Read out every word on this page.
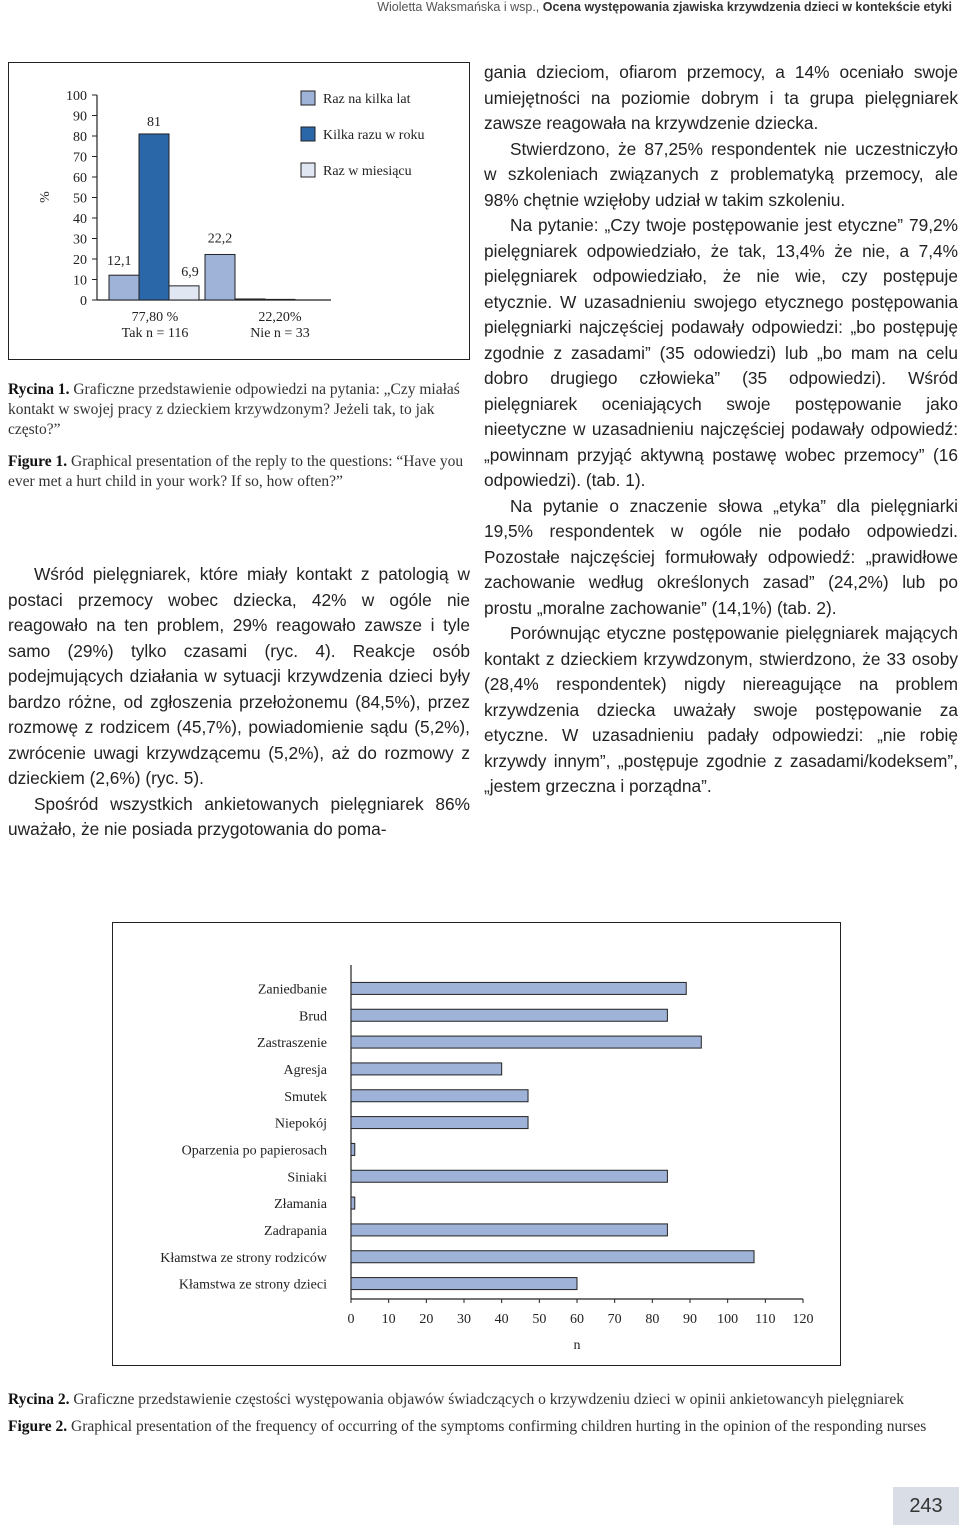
Wioletta Waksmańska i wsp., Ocena występowania zjawiska krzywdzenia dzieci w kontekście etyki
0
10
20
30
40
50
60
70
80
90
100
%
12,1
22,2
81
6,9
77,80 %
Tak n = 116
22,20%
Nie n = 33
Raz na kilka lat
Kilka razu w roku
Raz w miesiącu
Rycina 1. Graficzne przedstawienie odpowiedzi na pytania: „Czy miałaś kontakt w swojej pracy z dzieckiem krzywdzonym? Jeżeli tak, to jak często?”
Figure 1. Graphical presentation of the reply to the questions: “Have you ever met a hurt child in your work? If so, how often?”

Wśród pielęgniarek, które miały kontakt z patologią w postaci przemocy wobec dziecka, 42% w ogóle nie reagowało na ten problem, 29% reagowało zawsze i tyle samo (29%) tylko czasami (ryc. 4). Reakcje osób podejmujących działania w sytuacji krzywdzenia dzieci były bardzo różne, od zgłoszenia przełożonemu (84,5%), przez rozmowę z rodzicem (45,7%), powiadomienie sądu (5,2%), zwrócenie uwagi krzywdzącemu (5,2%), aż do rozmowy z dzieckiem (2,6%) (ryc. 5).

Spośród wszystkich ankietowanych pielęgniarek 86% uważało, że nie posiada przygotowania do poma-

gania dzieciom, ofiarom przemocy, a 14% oceniało swoje umiejętności na poziomie dobrym i ta grupa pielęgniarek zawsze reagowała na krzywdzenie dziecka.

Stwierdzono, że 87,25% respondentek nie uczestniczyło w szkoleniach związanych z problematyką przemocy, ale 98% chętnie wzięłoby udział w takim szkoleniu.

Na pytanie: „Czy twoje postępowanie jest etyczne” 79,2% pielęgniarek odpowiedziało, że tak, 13,4% że nie, a 7,4% pielęgniarek odpowiedziało, że nie wie, czy postępuje etycznie. W uzasadnieniu swojego etycznego postępowania pielęgniarki najczęściej podawały odpowiedzi: „bo postępuję zgodnie z zasadami” (35 odowiedzi) lub „bo mam na celu dobro drugiego człowieka” (35 odpowiedzi). Wśród pielęgniarek oceniających swoje postępowanie jako nieetyczne w uzasadnieniu najczęściej podawały odpowiedź: „powinnam przyjąć aktywną postawę wobec przemocy” (16 odpowiedzi). (tab. 1).

Na pytanie o znaczenie słowa „etyka” dla pielęgniarki 19,5% respondentek w ogóle nie podało odpowiedzi. Pozostałe najczęściej formułowały odpowiedź: „prawidłowe zachowanie według określonych zasad” (24,2%) lub po prostu „moralne zachowanie” (14,1%) (tab. 2).

Porównując etyczne postępowanie pielęgniarek mających kontakt z dzieckiem krzywdzonym, stwierdzono, że 33 osoby (28,4% respondentek) nigdy niereagujące na problem krzywdzenia dziecka uważały swoje postępowanie za etyczne. W uzasadnieniu padały odpowiedzi: „nie robię krzywdy innym”, „postępuje zgodnie z zasadami/kodeksem”, „jestem grzeczna i porządna”.

0 10 20 30 40 50 60 70 80 90 100 110 120
n
Zaniedbanie
Brud
Zastraszenie
Agresja
Smutek
Niepokój
Oparzenia po papierosach
Siniaki
Złamania
Zadrapania
Kłamstwa ze strony rodziców
Kłamstwa ze strony dzieci
Rycina 2. Graficzne przedstawienie częstości występowania objawów świadczących o krzywdzeniu dzieci w opinii ankietowancyh pielęgniarek
Figure 2. Graphical presentation of the frequency of occurring of the symptoms confirming children hurting in the opinion of the responding nurses
243
